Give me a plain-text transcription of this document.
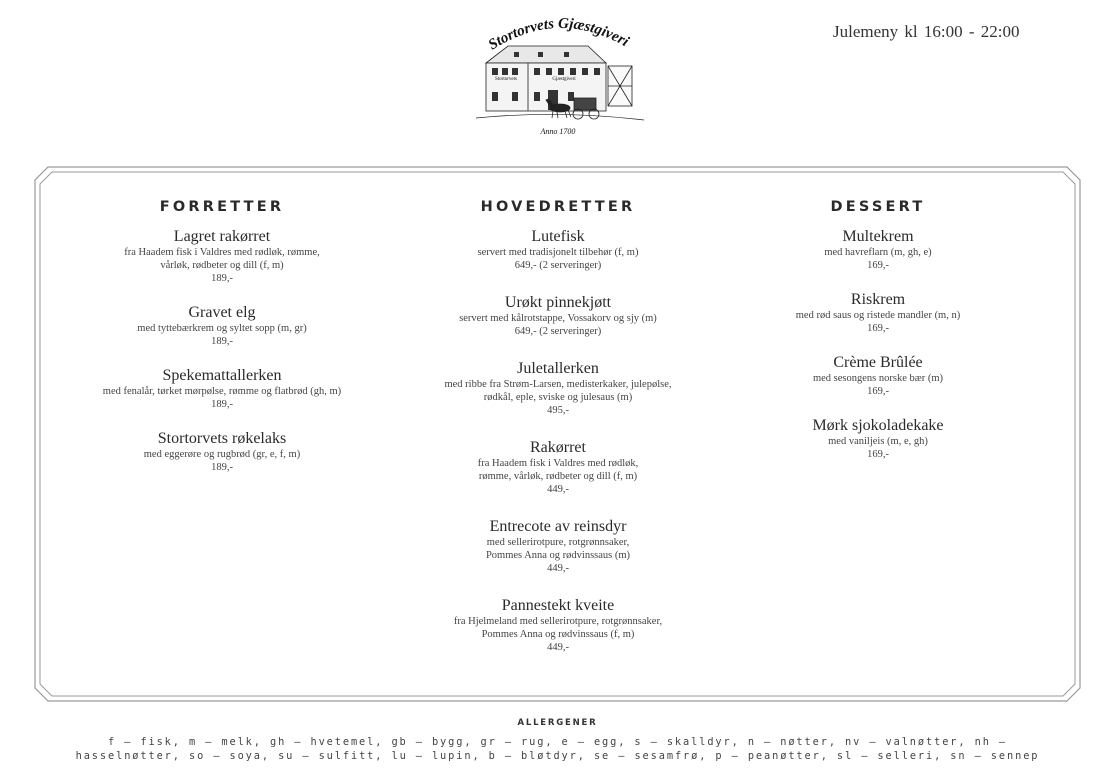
Stortorvets Gjæstgiveri
Stortorvets	Gjæstgiveri
Anno 1700
Julemeny kl 16:00 - 22:00
FORRETTER
Lagret rakørret
fra Haadem fisk i Valdres med rødløk, rømme,
vårløk, rødbeter og dill (f, m)
189,-
Gravet elg
med tyttebærkrem og syltet sopp (m, gr)
189,-
Spekemattallerken
med fenalår, tørket mørpølse, rømme og flatbrød (gh, m)
189,-
Stortorvets røkelaks
med eggerøre og rugbrød (gr, e, f, m)
189,-
HOVEDRETTER
Lutefisk
servert med tradisjonelt tilbehør (f, m)
649,- (2 serveringer)
Urøkt pinnekjøtt
servert med kålrotstappe, Vossakorv og sjy (m)
649,- (2 serveringer)
Juletallerken
med ribbe fra Strøm-Larsen, medisterkaker, julepølse,
rødkål, eple, sviske og julesaus (m)
495,-
Rakørret
fra Haadem fisk i Valdres med rødløk,
rømme, vårløk, rødbeter og dill (f, m)
449,-
Entrecote av reinsdyr
med sellerirotpure, rotgrønnsaker,
Pommes Anna og rødvinssaus (m)
449,-
Pannestekt kveite
fra Hjelmeland med sellerirotpure, rotgrønnsaker,
Pommes Anna og rødvinssaus (f, m)
449,-
DESSERT
Multekrem
med havreflarn (m, gh, e)
169,-
Riskrem
med rød saus og ristede mandler (m, n)
169,-
Crème Brûlée
med sesongens norske bær (m)
169,-
Mørk sjokoladekake
med vaniljeis (m, e, gh)
169,-
ALLERGENER
f – fisk, m – melk, gh – hvetemel, gb – bygg, gr – rug, e – egg, s – skalldyr, n – nøtter, nv – valnøtter, nh –
hasselnøtter, so – soya, su – sulfitt, lu – lupin, b – bløtdyr, se – sesamfrø, p – peanøtter, sl – selleri, sn – sennep
